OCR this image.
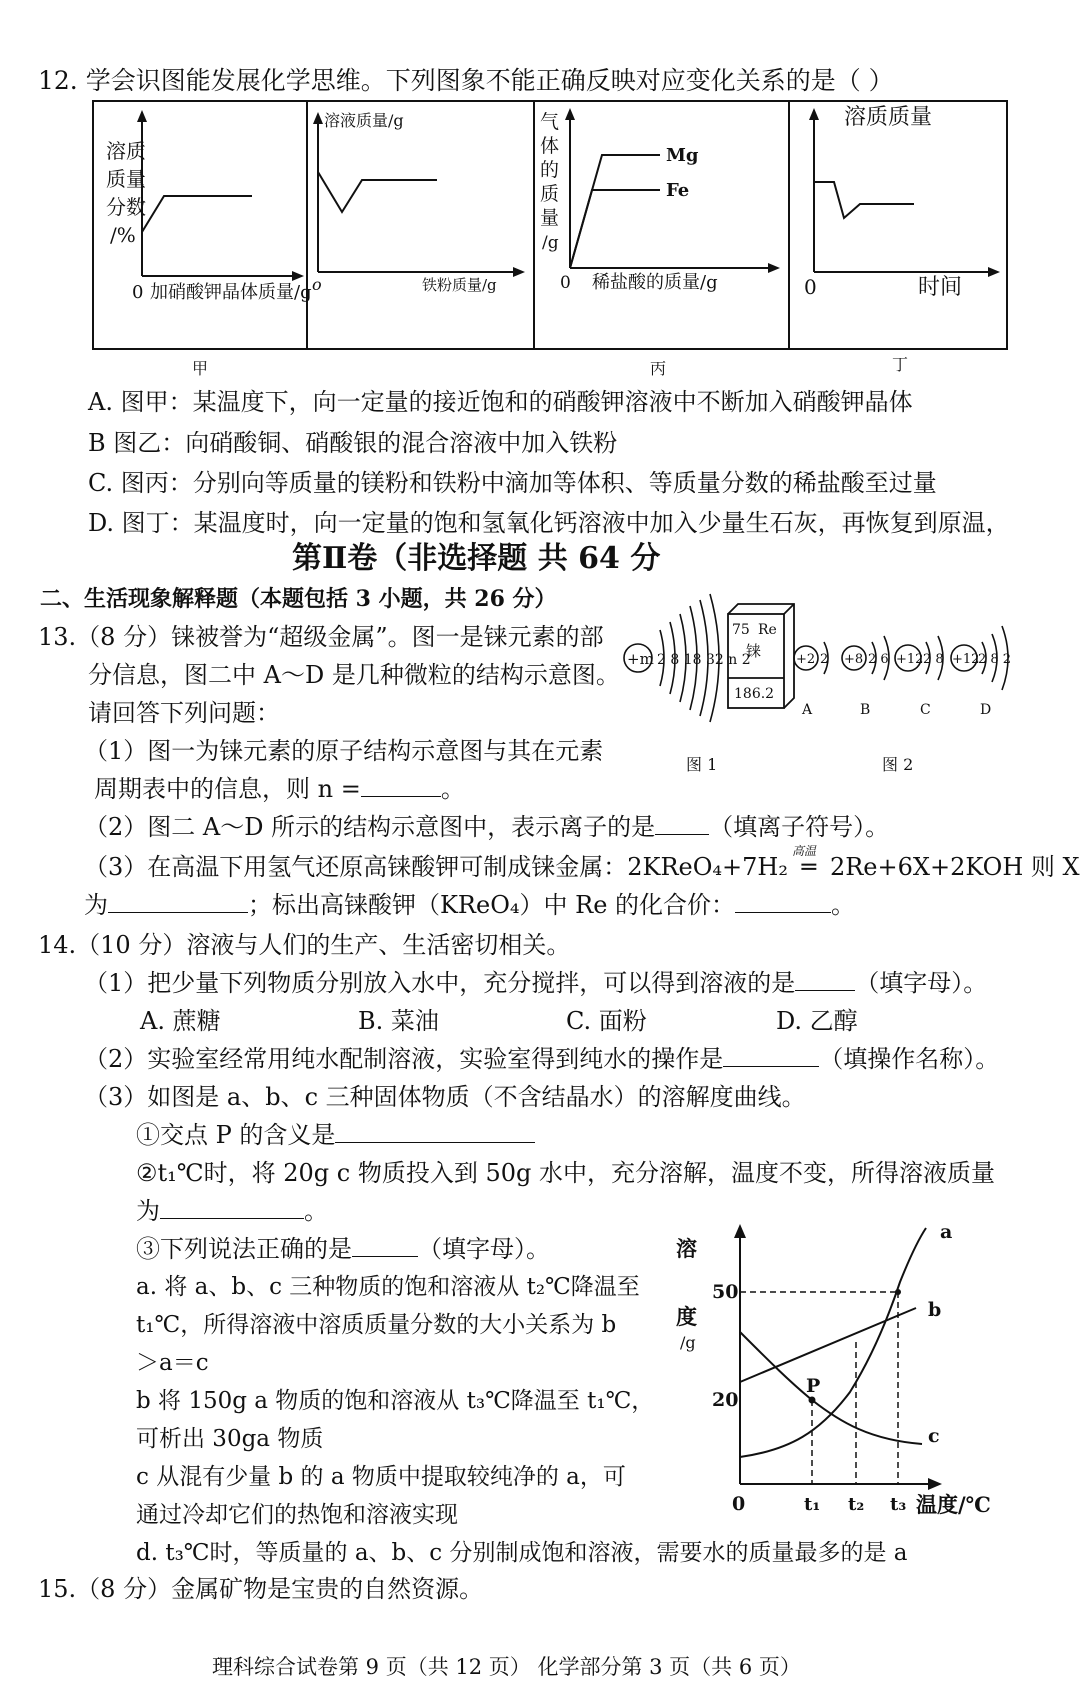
12. 学会识图能发展化学思维。下列图象不能正确反映对应变化关系的是（ ）
溶质
质量
分数
/%
0 加硝酸钾晶体质量/g
溶液质量/g
o	铁粉质量/g
Mg
Fe
气
体
的
质
量
/g
0 稀盐酸的质量/g
溶质质量
0	时间
甲	丙	丁
A. 图甲：某温度下，向一定量的接近饱和的硝酸钾溶液中不断加入硝酸钾晶体
B 图乙：向硝酸铜、硝酸银的混合溶液中加入铁粉
C. 图丙：分别向等质量的镁粉和铁粉中滴加等体积、等质量分数的稀盐酸至过量
D. 图丁：某温度时，向一定量的饱和氢氧化钙溶液中加入少量生石灰，再恢复到原温，
第Ⅱ卷（非选择题 共 64 分
二、生活现象解释题（本题包括 3 小题，共 26 分）
13.（8 分）铼被誉为“超级金属”。图一是铼元素的部
分信息，图二中 A～D 是几种微粒的结构示意图。
请回答下列问题：
+m 2 8 18 32 n 2
75 Re
铼
186.2
+2 2
A
+8 2 6
B
+12 2 8
C
+12
2 8 2
D
图 1	图 2
（1）图一为铼元素的原子结构示意图与其在元素
周期表中的信息，则 n =	。
（2）图二 A～D 所示的结构示意图中，表示离子的是 （填离子符号）。
（3）在高温下用氢气还原高铼酸钾可制成铼金属：2KReO₄+7H₂
高温
═ 2Re+6X+2KOH 则 X
为	；标出高铼酸钾（KReO₄）中 Re 的化合价：	。
14.（10 分）溶液与人们的生产、生活密切相关。
（1）把少量下列物质分别放入水中，充分搅拌，可以得到溶液的是	（填字母）。
A. 蔗糖	B. 菜油	C. 面粉	D. 乙醇
（2）实验室经常用纯水配制溶液，实验室得到纯水的操作是	（填操作名称）。
（3）如图是 a、b、c 三种固体物质（不含结晶水）的溶解度曲线。
①交点 P 的含义是
②t₁℃时，将 20g c 物质投入到 50g 水中，充分溶解，温度不变，所得溶液质量
为	。
③下列说法正确的是	（填字母）。
a. 将 a、b、c 三种物质的饱和溶液从 t₂℃降温至
t₁℃，所得溶液中溶质质量分数的大小关系为 b
＞a＝c
b 将 150g a 物质的饱和溶液从 t₃℃降温至 t₁℃，
可析出 30ga 物质
c 从混有少量 b 的 a 物质中提取较纯净的 a，可
通过冷却它们的热饱和溶液实现
d. t₃℃时，等质量的 a、b、c 分别制成饱和溶液，需要水的质量最多的是 a
溶
度
/g
50
20
0	t₁ t₂ t₃ 温度/℃
a
b
c
P
15.（8 分）金属矿物是宝贵的自然资源。
理科综合试卷第 9 页（共 12 页） 化学部分第 3 页（共 6 页）
